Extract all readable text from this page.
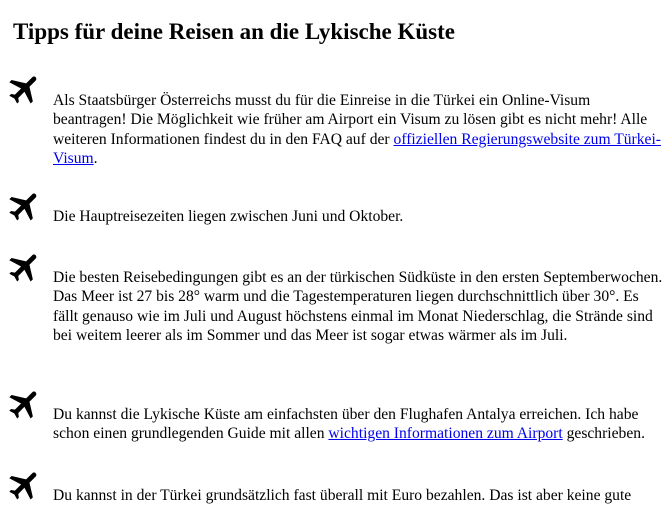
Tipps für deine Reisen an die Lykische Küste

Als Staatsbürger Österreichs musst du für die Einreise in die Türkei ein Online-Visum beantragen! Die Möglichkeit wie früher am Airport ein Visum zu lösen gibt es nicht mehr! Alle weiteren Informationen findest du in den FAQ auf der offiziellen Regierungswebsite zum Türkei-Visum.

Die Hauptreisezeiten liegen zwischen Juni und Oktober.

Die besten Reisebedingungen gibt es an der türkischen Südküste in den ersten Septemberwochen. Das Meer ist 27 bis 28° warm und die Tagestemperaturen liegen durchschnittlich über 30°. Es fällt genauso wie im Juli und August höchstens einmal im Monat Niederschlag, die Strände sind bei weitem leerer als im Sommer und das Meer ist sogar etwas wärmer als im Juli.

Du kannst die Lykische Küste am einfachsten über den Flughafen Antalya erreichen. Ich habe schon einen grundlegenden Guide mit allen wichtigen Informationen zum Airport geschrieben.

Du kannst in der Türkei grundsätzlich fast überall mit Euro bezahlen. Das ist aber keine gute
